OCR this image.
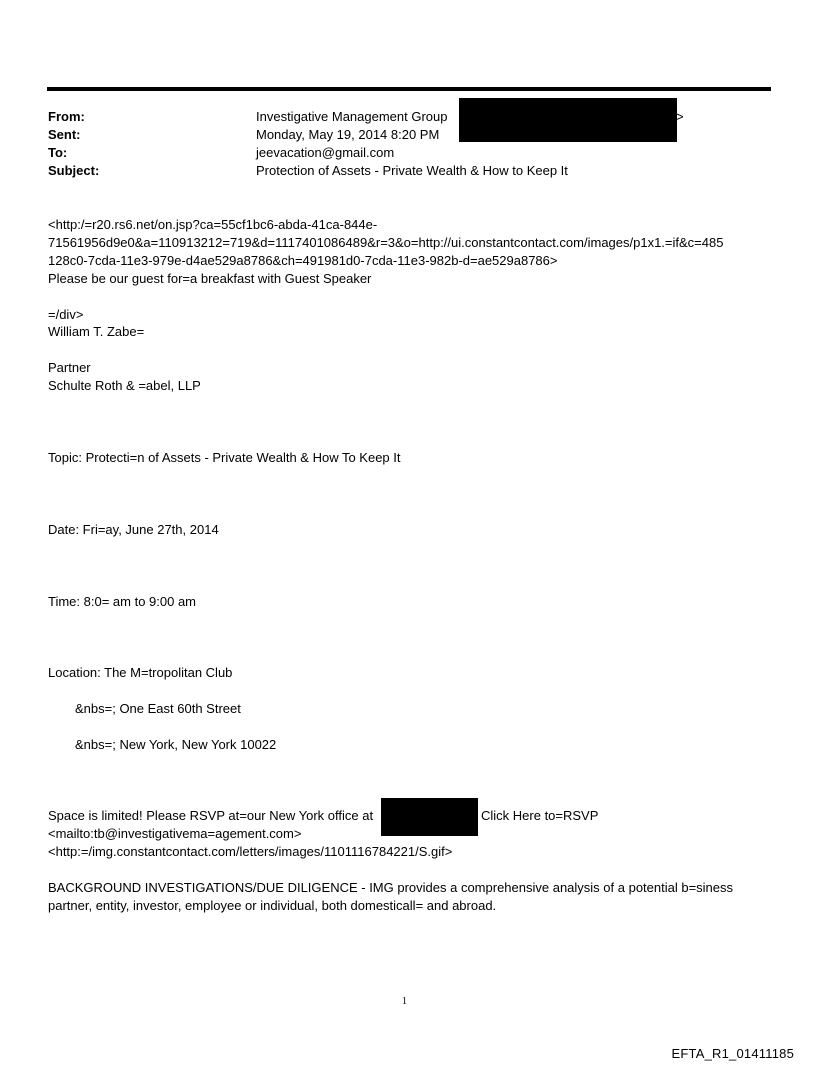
From:	Investigative Management Group	>
Sent:	Monday, May 19, 2014 8:20 PM
To:	jeevacation@gmail.com
Subject:	Protection of Assets - Private Wealth & How to Keep It
<http:/=r20.rs6.net/on.jsp?ca=55cf1bc6-abda-41ca-844e-
71561956d9e0&a=110913212=719&d=1117401086489&r=3&o=http://ui.constantcontact.com/images/p1x1.=if&c=485
128c0-7cda-11e3-979e-d4ae529a8786&ch=491981d0-7cda-11e3-982b-d=ae529a8786>
Please be our guest for=a breakfast with Guest Speaker
=/div>
William T. Zabe=
Partner
Schulte Roth & =abel, LLP
Topic: Protecti=n of Assets - Private Wealth & How To Keep It
Date: Fri=ay, June 27th, 2014
Time: 8:0= am to 9:00 am
Location: The M=tropolitan Club
&nbs=; One East 60th Street
&nbs=; New York, New York 10022
Space is limited! Please RSVP at=our New York office at	Click Here to=RSVP
<mailto:tb@investigativema=agement.com>
<http:=/img.constantcontact.com/letters/images/1101116784221/S.gif>
BACKGROUND INVESTIGATIONS/DUE DILIGENCE - IMG provides a comprehensive analysis of a potential b=siness
partner, entity, investor, employee or individual, both domesticall= and abroad.
1
EFTA_R1_01411185
